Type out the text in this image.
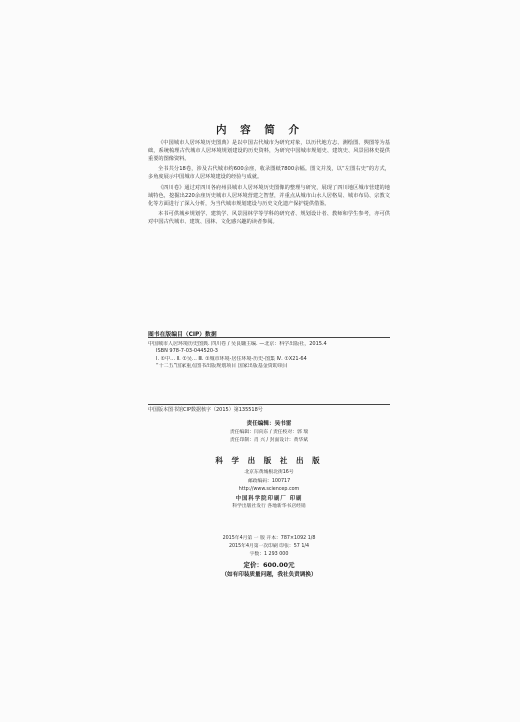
内 容 简 介

《中国城市人居环境历史图典》是以中国古代城市为研究对象，以历代地方志、测绘图、舆图等为基础，系统梳理古代城市人居环境规划建设的历史资料，为研究中国城市规划史、建筑史、风景园林史提供重要的图像资料。

全书共分18卷，涉及古代城市约600余座，收录图纸7800余幅。图文并茂，以“左图右史”的方式，多角度展示中国城市人居环境建设的经验与成就。

《四川卷》通过对四川各府州县城市人居环境历史图像的整理与研究，展现了四川地区城市营建的地域特色，挖掘出220余座历史城市人居环境营建之智慧，并重点从城市山水人居格局、城市布局、宗教文化等方面进行了深入分析，为当代城市规划建设与历史文化遗产保护提供借鉴。

本书可供城乡规划学、建筑学、风景园林学等学科的研究者、规划设计者、教师和学生参考，亦可供对中国古代城市、建筑、园林、文化感兴趣的读者参阅。

图书在版编目（CIP）数据
中国城市人居环境历史图典. 四川卷 / 吴良镛主编. —北京：科学出版社，2015.4
ISBN 978-7-03-044520-3
Ⅰ. ①中… Ⅱ. ①吴… Ⅲ. ①城市环境-居住环境-历史-图集 Ⅳ. ①X21-64
“十二五”国家重点图书出版规划项目 国家出版基金资助项目
中国版本图书馆CIP数据核字（2015）第135518号
责任编辑：吴书雷
责任编辑：闫向东 / 责任校对：郭 瑞
责任印制：肖 兴 / 封面设计：黄华斌
科 学 出 版 社 出 版
北京东黄城根北街16号
邮政编码：100717
http://www.sciencep.com
中国科学院印刷厂 印刷
科学出版社发行 各地新华书店经销
2015年4月第 一 版 开本：787×1092 1/8
2015年4月第一次印刷 印张：57 1/4
字数：1 293 000
定价：600.00元
（如有印装质量问题，我社负责调换）
